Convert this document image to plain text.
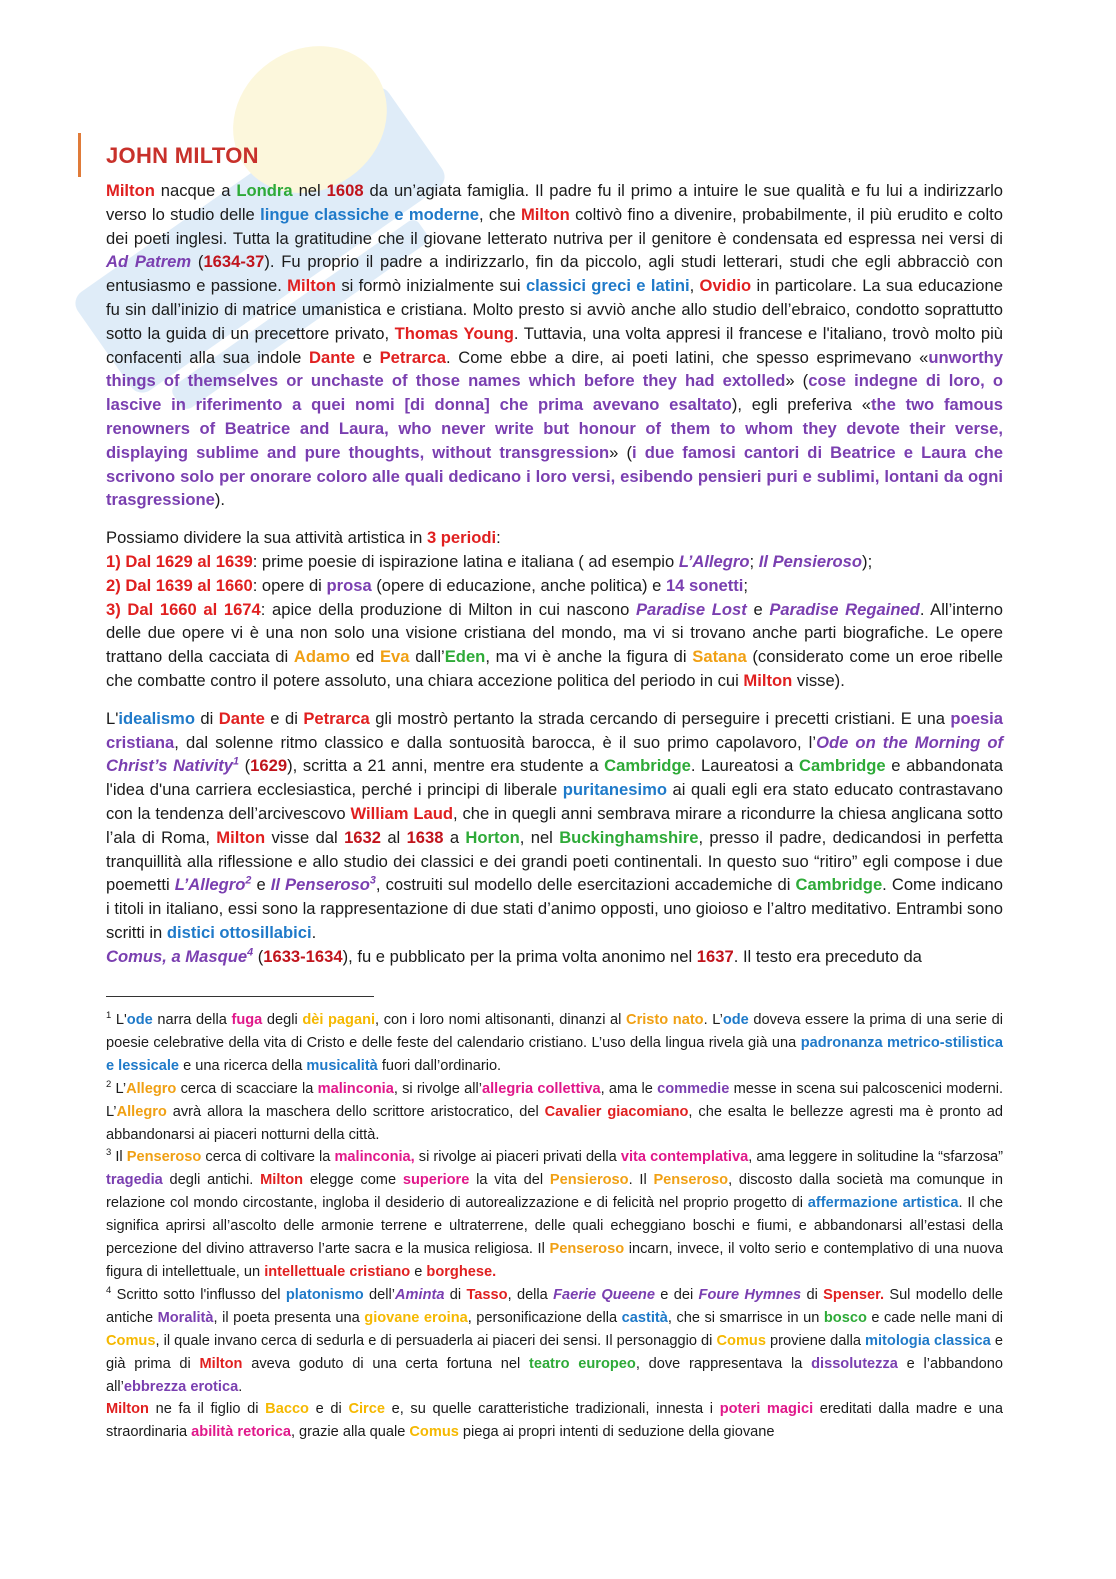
JOHN MILTON

Milton nacque a Londra nel 1608 da un’agiata famiglia. Il padre fu il primo a intuire le sue qualità e fu lui a indirizzarlo verso lo studio delle lingue classiche e moderne, che Milton coltivò fino a divenire, probabilmente, il più erudito e colto dei poeti inglesi. Tutta la gratitudine che il giovane letterato nutriva per il genitore è condensata ed espressa nei versi di Ad Patrem (1634-37). Fu proprio il padre a indirizzarlo, fin da piccolo, agli studi letterari, studi che egli abbracciò con entusiasmo e passione. Milton si formò inizialmente sui classici greci e latini, Ovidio in particolare. La sua educazione fu sin dall’inizio di matrice umanistica e cristiana. Molto presto si avviò anche allo studio dell’ebraico, condotto soprattutto sotto la guida di un precettore privato, Thomas Young. Tuttavia, una volta appresi il francese e l'italiano, trovò molto più confacenti alla sua indole Dante e Petrarca. Come ebbe a dire, ai poeti latini, che spesso esprimevano «unworthy things of themselves or unchaste of those names which before they had extolled» (cose indegne di loro, o lascive in riferimento a quei nomi [di donna] che prima avevano esaltato), egli preferiva «the two famous renowners of Beatrice and Laura, who never write but honour of them to whom they devote their verse, displaying sublime and pure thoughts, without transgression» (i due famosi cantori di Beatrice e Laura che scrivono solo per onorare coloro alle quali dedicano i loro versi, esibendo pensieri puri e sublimi, lontani da ogni trasgressione).

Possiamo dividere la sua attività artistica in 3 periodi:
1) Dal 1629 al 1639: prime poesie di ispirazione latina e italiana ( ad esempio L’Allegro; Il Pensieroso);
2) Dal 1639 al 1660: opere di prosa (opere di educazione, anche politica) e 14 sonetti;
3) Dal 1660 al 1674: apice della produzione di Milton in cui nascono Paradise Lost e Paradise Regained. All’interno delle due opere vi è una non solo una visione cristiana del mondo, ma vi si trovano anche parti biografiche. Le opere trattano della cacciata di Adamo ed Eva dall’Eden, ma vi è anche la figura di Satana (considerato come un eroe ribelle che combatte contro il potere assoluto, una chiara accezione politica del periodo in cui Milton visse).

L'idealismo di Dante e di Petrarca gli mostrò pertanto la strada cercando di perseguire i precetti cristiani. E una poesia cristiana, dal solenne ritmo classico e dalla sontuosità barocca, è il suo primo capolavoro, l’Ode on the Morning of Christ’s Nativity$^1$ (1629), scritta a 21 anni, mentre era studente a Cambridge. Laureatosi a Cambridge e abbandonata l'idea d'una carriera ecclesiastica, perché i principi di liberale puritanesimo ai quali egli era stato educato contrastavano con la tendenza dell’arcivescovo William Laud, che in quegli anni sembrava mirare a ricondurre la chiesa anglicana sotto l’ala di Roma, Milton visse dal 1632 al 1638 a Horton, nel Buckinghamshire, presso il padre, dedicandosi in perfetta tranquillità alla riflessione e allo studio dei classici e dei grandi poeti continentali. In questo suo “ritiro” egli compose i due poemetti L’Allegro$^2$ e Il Penseroso$^3$, costruiti sul modello delle esercitazioni accademiche di Cambridge. Come indicano i titoli in italiano, essi sono la rappresentazione di due stati d’animo opposti, uno gioioso e l’altro meditativo. Entrambi sono scritti in distici ottosillabici.

Comus, a Masque$^4$ (1633-1634), fu e pubblicato per la prima volta anonimo nel 1637. Il testo era preceduto da

$^1$ L'ode narra della fuga degli dèi pagani, con i loro nomi altisonanti, dinanzi al Cristo nato. L’ode doveva essere la prima di una serie di poesie celebrative della vita di Cristo e delle feste del calendario cristiano. L’uso della lingua rivela già una padronanza metrico-stilistica e lessicale e una ricerca della musicalità fuori dall’ordinario.

$^2$ L’Allegro cerca di scacciare la malinconia, si rivolge all’allegria collettiva, ama le commedie messe in scena sui palcoscenici moderni. L’Allegro avrà allora la maschera dello scrittore aristocratico, del Cavalier giacomiano, che esalta le bellezze agresti ma è pronto ad abbandonarsi ai piaceri notturni della città.

$^3$ Il Penseroso cerca di coltivare la malinconia, si rivolge ai piaceri privati della vita contemplativa, ama leggere in solitudine la “sfarzosa” tragedia degli antichi. Milton elegge come superiore la vita del Pensieroso. Il Penseroso, discosto dalla società ma comunque in relazione col mondo circostante, ingloba il desiderio di autorealizzazione e di felicità nel proprio progetto di affermazione artistica. Il che significa aprirsi all’ascolto delle armonie terrene e ultraterrene, delle quali echeggiano boschi e fiumi, e abbandonarsi all’estasi della percezione del divino attraverso l’arte sacra e la musica religiosa. Il Penseroso incarn, invece, il volto serio e contemplativo di una nuova figura di intellettuale, un intellettuale cristiano e borghese.

$^4$ Scritto sotto l'influsso del platonismo dell’Aminta di Tasso, della Faerie Queene e dei Foure Hymnes di Spenser. Sul modello delle antiche Moralità, il poeta presenta una giovane eroina, personificazione della castità, che si smarrisce in un bosco e cade nelle mani di Comus, il quale invano cerca di sedurla e di persuaderla ai piaceri dei sensi. Il personaggio di Comus proviene dalla mitologia classica e già prima di Milton aveva goduto di una certa fortuna nel teatro europeo, dove rappresentava la dissolutezza e l’abbandono all’ebbrezza erotica.

Milton ne fa il figlio di Bacco e di Circe e, su quelle caratteristiche tradizionali, innesta i poteri magici ereditati dalla madre e una straordinaria abilità retorica, grazie alla quale Comus piega ai propri intenti di seduzione della giovane
